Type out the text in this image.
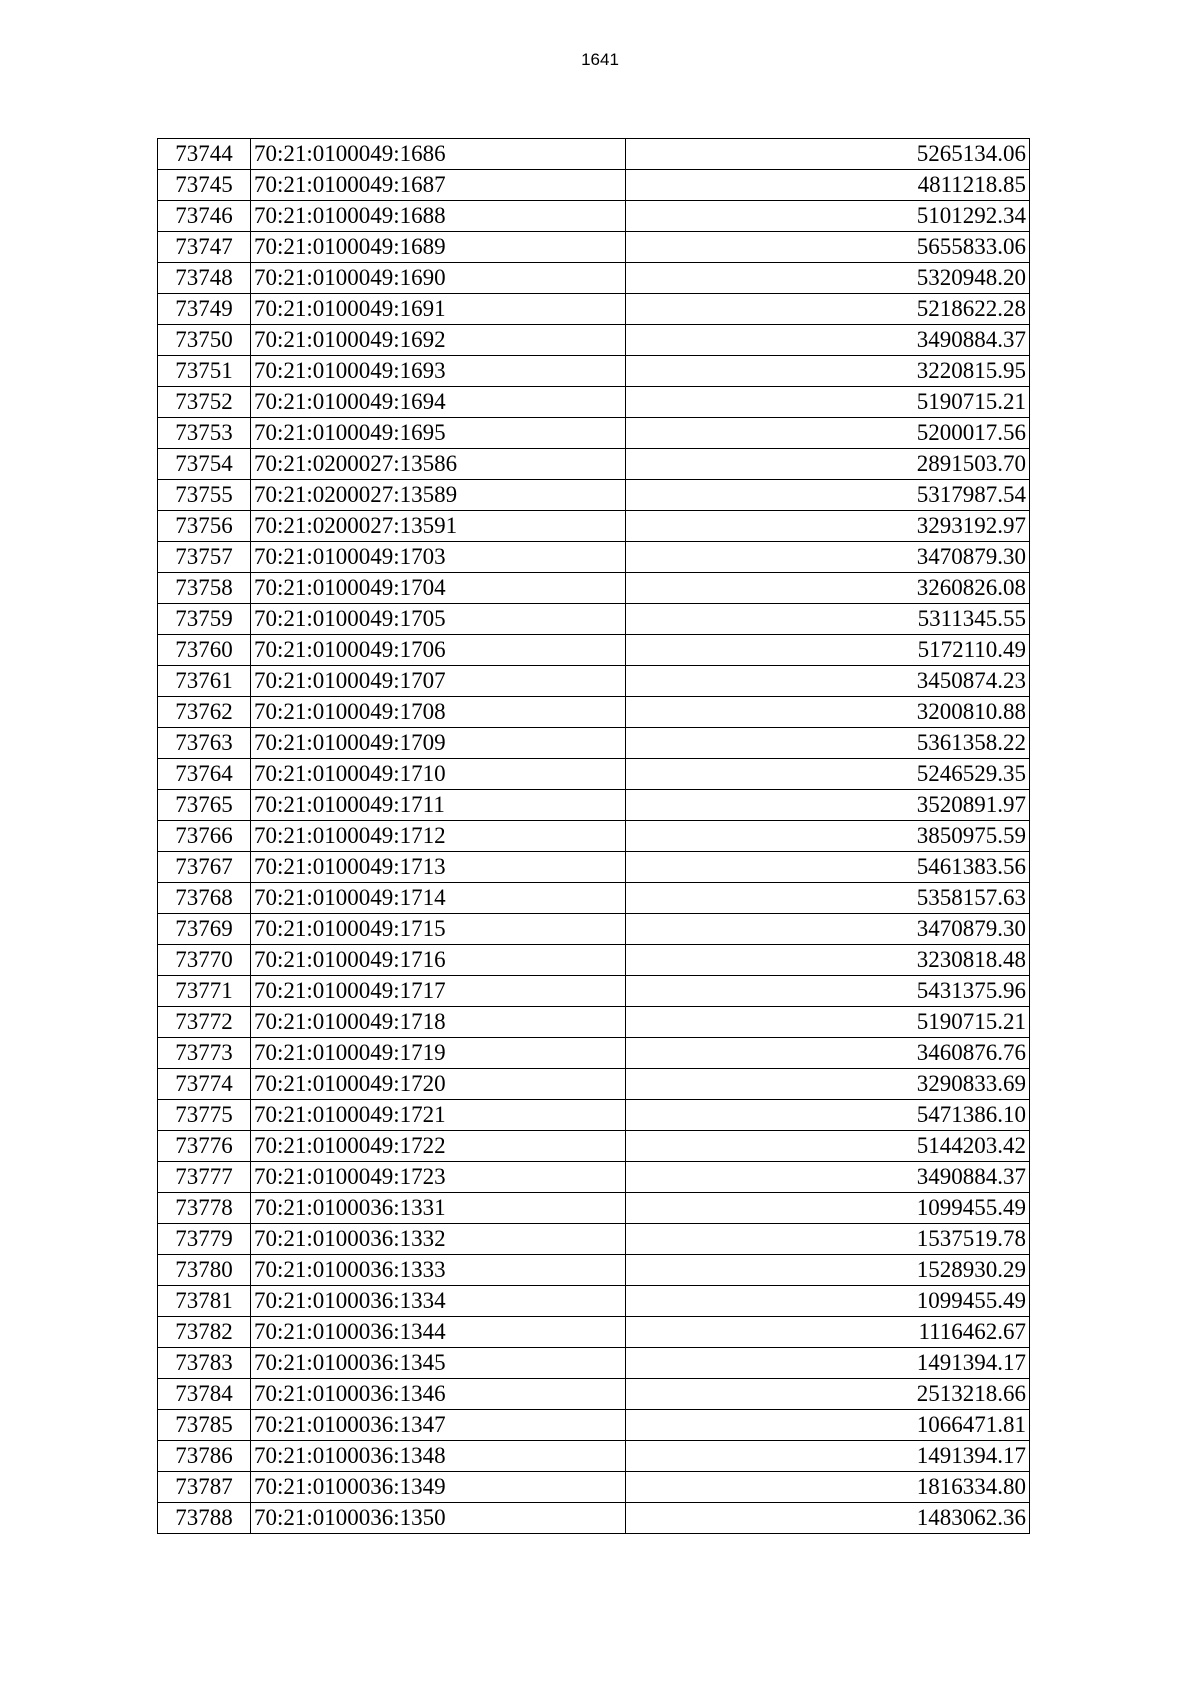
1641
73744	70:21:0100049:1686	5265134.06
73745	70:21:0100049:1687	4811218.85
73746	70:21:0100049:1688	5101292.34
73747	70:21:0100049:1689	5655833.06
73748	70:21:0100049:1690	5320948.20
73749	70:21:0100049:1691	5218622.28
73750	70:21:0100049:1692	3490884.37
73751	70:21:0100049:1693	3220815.95
73752	70:21:0100049:1694	5190715.21
73753	70:21:0100049:1695	5200017.56
73754	70:21:0200027:13586	2891503.70
73755	70:21:0200027:13589	5317987.54
73756	70:21:0200027:13591	3293192.97
73757	70:21:0100049:1703	3470879.30
73758	70:21:0100049:1704	3260826.08
73759	70:21:0100049:1705	5311345.55
73760	70:21:0100049:1706	5172110.49
73761	70:21:0100049:1707	3450874.23
73762	70:21:0100049:1708	3200810.88
73763	70:21:0100049:1709	5361358.22
73764	70:21:0100049:1710	5246529.35
73765	70:21:0100049:1711	3520891.97
73766	70:21:0100049:1712	3850975.59
73767	70:21:0100049:1713	5461383.56
73768	70:21:0100049:1714	5358157.63
73769	70:21:0100049:1715	3470879.30
73770	70:21:0100049:1716	3230818.48
73771	70:21:0100049:1717	5431375.96
73772	70:21:0100049:1718	5190715.21
73773	70:21:0100049:1719	3460876.76
73774	70:21:0100049:1720	3290833.69
73775	70:21:0100049:1721	5471386.10
73776	70:21:0100049:1722	5144203.42
73777	70:21:0100049:1723	3490884.37
73778	70:21:0100036:1331	1099455.49
73779	70:21:0100036:1332	1537519.78
73780	70:21:0100036:1333	1528930.29
73781	70:21:0100036:1334	1099455.49
73782	70:21:0100036:1344	1116462.67
73783	70:21:0100036:1345	1491394.17
73784	70:21:0100036:1346	2513218.66
73785	70:21:0100036:1347	1066471.81
73786	70:21:0100036:1348	1491394.17
73787	70:21:0100036:1349	1816334.80
73788	70:21:0100036:1350	1483062.36
